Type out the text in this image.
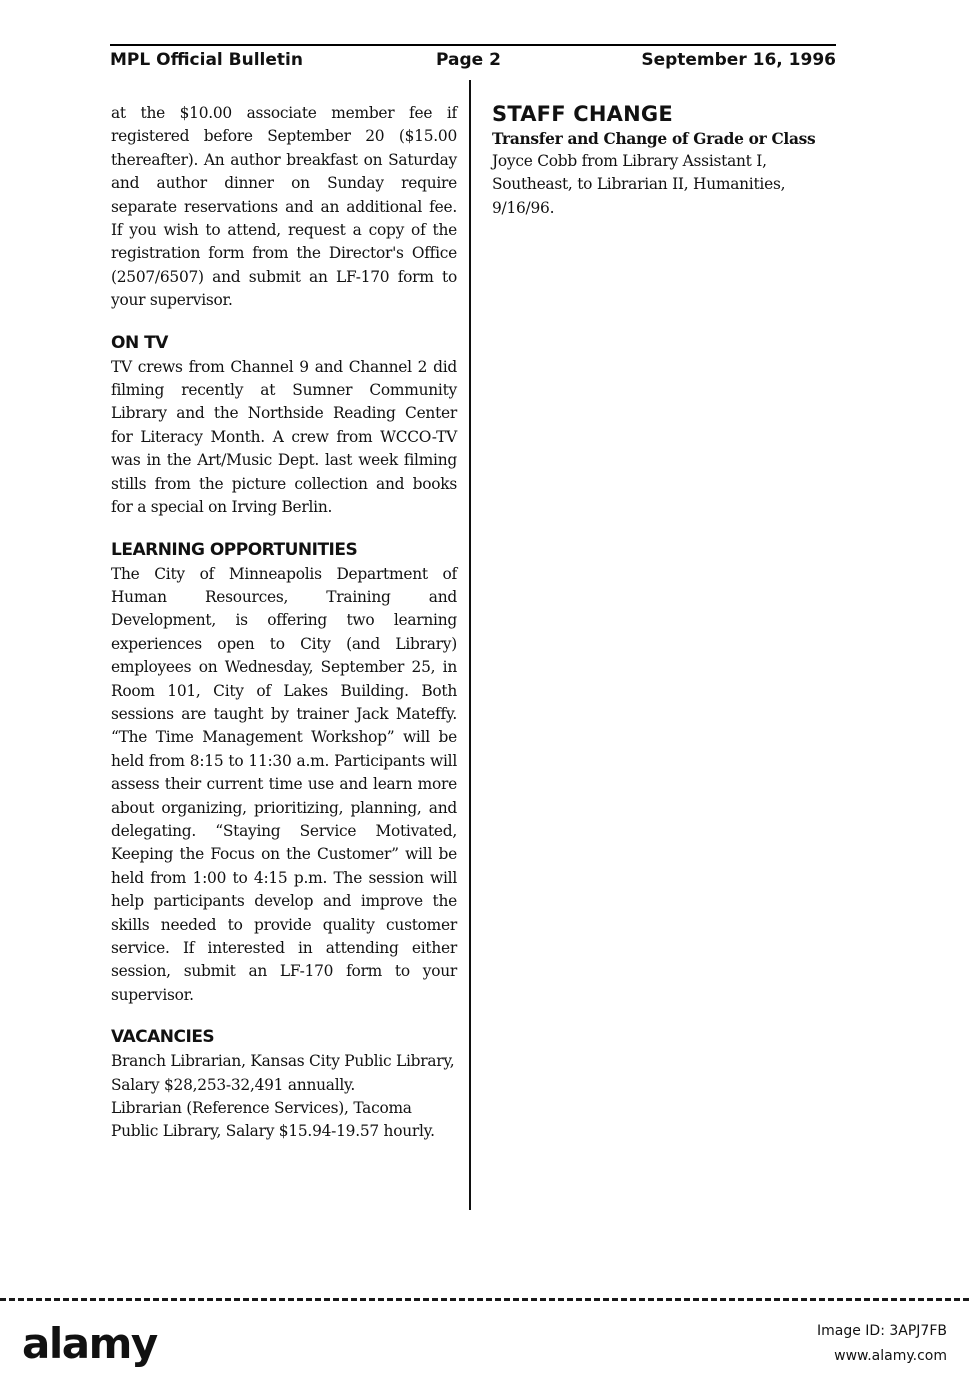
MPL Official Bulletin	Page 2	September 16, 1996

at the $10.00 associate member fee if registered before September 20 ($15.00 thereafter). An author breakfast on Saturday and author dinner on Sunday require separate reservations and an additional fee. If you wish to attend, request a copy of the registration form from the Director's Office (2507/6507) and submit an LF-170 form to your supervisor.

ON TV

TV crews from Channel 9 and Channel 2 did filming recently at Sumner Community Library and the Northside Reading Center for Literacy Month. A crew from WCCO-TV was in the Art/Music Dept. last week filming stills from the picture collection and books for a special on Irving Berlin.

LEARNING OPPORTUNITIES

The City of Minneapolis Department of Human Resources, Training and Development, is offering two learning experiences open to City (and Library) employees on Wednesday, September 25, in Room 101, City of Lakes Building. Both sessions are taught by trainer Jack Mateffy. “The Time Management Workshop” will be held from 8:15 to 11:30 a.m. Participants will assess their current time use and learn more about organizing, prioritizing, planning, and delegating. “Staying Service Motivated, Keeping the Focus on the Customer” will be held from 1:00 to 4:15 p.m. The session will help participants develop and improve the skills needed to provide quality customer service. If interested in attending either session, submit an LF-170 form to your supervisor.

VACANCIES

Branch Librarian, Kansas City Public Library, Salary $28,253-32,491 annually.

Librarian (Reference Services), Tacoma Public Library, Salary $15.94-19.57 hourly.

STAFF CHANGE
Transfer and Change of Grade or Class

Joyce Cobb from Library Assistant I, Southeast, to Librarian II, Humanities, 9/16/96.

alamy	Image ID: 3APJ7FB
www.alamy.com
